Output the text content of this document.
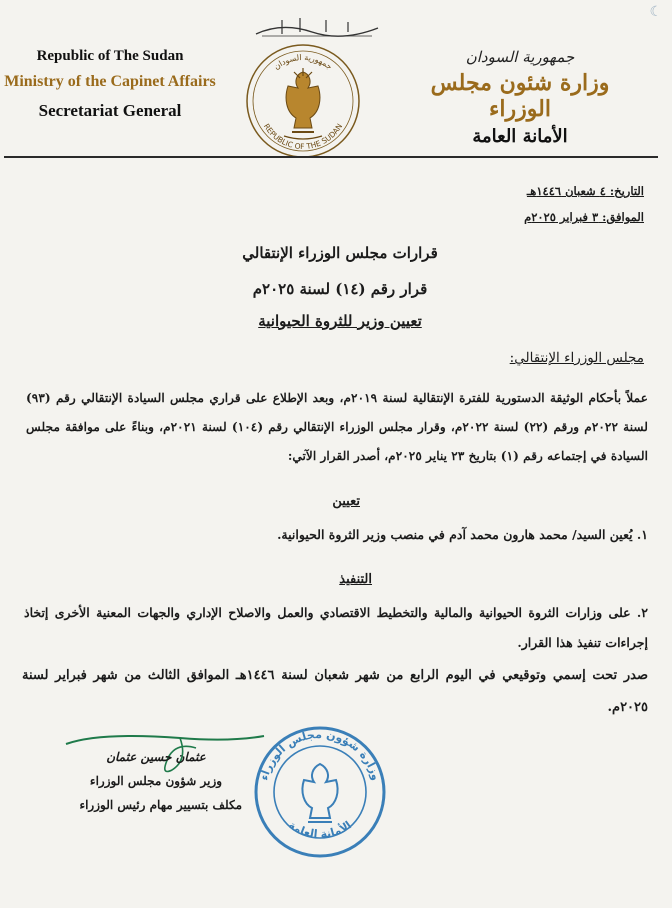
☾
Republic of The Sudan
Ministry of the Capinet Affairs
Secretariat General
جمهورية السودان
REPUBLIC OF THE SUDAN
جمهورية السودان
وزارة شئون مجلس الوزراء
الأمانة العامة
التاريخ: ٤ شعبان ١٤٤٦هـ
الموافق: ٣ فبراير ٢٠٢٥م
قرارات مجلس الوزراء الإنتقالي
قرار رقم (١٤) لسنة ٢٠٢٥م
تعيين وزير للثروة الحيوانية
مجلس الوزراء الإنتقالي:
عملاً بأحكام الوثيقة الدستورية للفترة الإنتقالية لسنة ٢٠١٩م، وبعد الإطلاع على قراري مجلس السيادة الإنتقالي رقم (٩٣) لسنة ٢٠٢٢م ورقم (٢٢) لسنة ٢٠٢٢م، وقرار مجلس الوزراء الإنتقالي رقم (١٠٤) لسنة ٢٠٢١م، وبناءً على موافقة مجلس السيادة في إجتماعه رقم (١) بتاريخ ٢٣ يناير ٢٠٢٥م، أصدر القرار الآتي:
تعيين
١. يُعين السيد/ محمد هارون محمد آدم في منصب وزير الثروة الحيوانية.
التنفيذ
٢. على وزارات الثروة الحيوانية والمالية والتخطيط الاقتصادي والعمل والاصلاح الإداري والجهات المعنية الأخرى إتخاذ إجراءات تنفيذ هذا القرار.
صدر تحت إسمي وتوقيعي في اليوم الرابع من شهر شعبان لسنة ١٤٤٦هـ الموافق الثالث من شهر فبراير لسنة ٢٠٢٥م.
عثمان حسين عثمان
وزير شؤون مجلس الوزراء
مكلف بتسيير مهام رئيس الوزراء
وزارة شؤون مجلس الوزراء
الأمانة العامة
